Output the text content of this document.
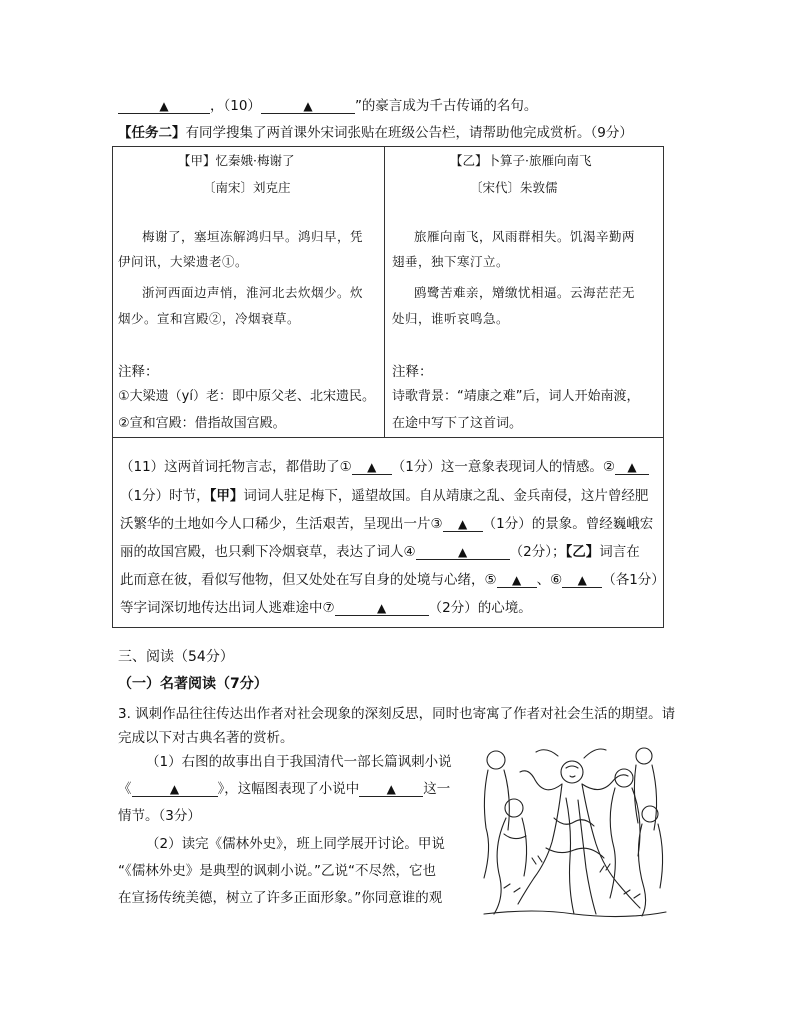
▲	，（10）	▲	”的豪言成为千古传诵的名句。
【任务二】有同学搜集了两首课外宋词张贴在班级公告栏，请帮助他完成赏析。（9分）
【甲】忆秦娥·梅谢了
〔南宋〕刘克庄
梅谢了，塞垣冻解鸿归早。鸿归早，凭
伊问讯，大梁遗老①。
浙河西面边声悄，淮河北去炊烟少。炊
烟少。宣和宫殿②，冷烟衰草。
注释：
①大梁遗（yí）老：即中原父老、北宋遗民。
②宣和宫殿：借指故国宫殿。
【乙】卜算子·旅雁向南飞
〔宋代〕朱敦儒
旅雁向南飞，风雨群相失。饥渴辛勤两
翅垂，独下寒汀立。
鸥鹭苦难亲，矰缴忧相逼。云海茫茫无
处归，谁听哀鸣急。
注释：
诗歌背景：“靖康之难”后，词人开始南渡，
在途中写下了这首词。
（11）这两首词托物言志，都借助了① ▲ （1分）这一意象表现词人的情感。② ▲
（1分）时节，【甲】词词人驻足梅下，遥望故国。自从靖康之乱、金兵南侵，这片曾经肥
沃繁华的土地如今人口稀少，生活艰苦，呈现出一片③ ▲ （1分）的景象。曾经巍峨宏
丽的故国宫殿，也只剩下冷烟衰草，表达了词人④	▲	（2分）；【乙】词言在
此而意在彼，看似写他物，但又处处在写自身的处境与心绪，⑤ ▲ 、⑥ ▲ （各1分）
等字词深切地传达出词人逃难途中⑦	▲	（2分）的心境。
三、阅读（54分）
（一）名著阅读（7分）
3. 讽刺作品往往传达出作者对社会现象的深刻反思，同时也寄寓了作者对社会生活的期望。请
完成以下对古典名著的赏析。
（1）右图的故事出自于我国清代一部长篇讽刺小说
《	▲	》，这幅图表现了小说中 ▲ 这一
情节。（3分）
（2）读完《儒林外史》，班上同学展开讨论。甲说
“《儒林外史》是典型的讽刺小说。”乙说“不尽然，它也
在宣扬传统美德，树立了许多正面形象。”你同意谁的观
